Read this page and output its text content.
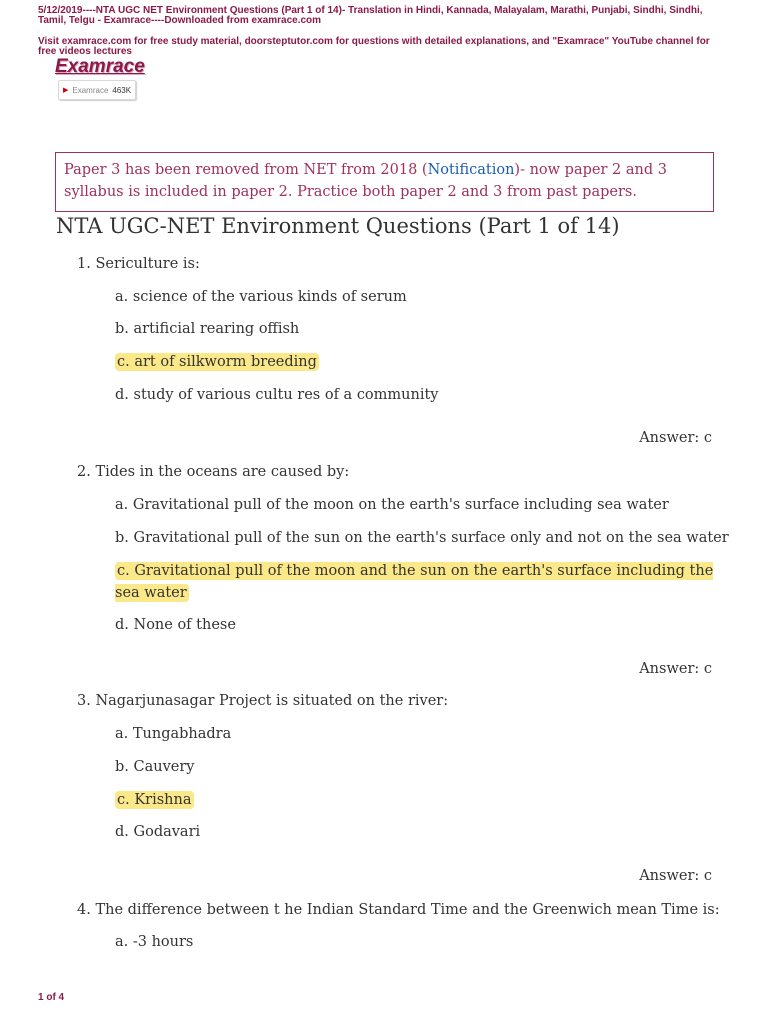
5/12/2019----NTA UGC NET Environment Questions (Part 1 of 14)- Translation in Hindi, Kannada, Malayalam, Marathi, Punjabi, Sindhi, Sindhi, Tamil, Telgu - Examrace----Downloaded from examrace.com
Visit examrace.com for free study material, doorsteptutor.com for questions with detailed explanations, and "Examrace" YouTube channel for free videos lectures
Examrace
▶ Examrace 463K
Paper 3 has been removed from NET from 2018 (Notification)- now paper 2 and 3 syllabus is included in paper 2. Practice both paper 2 and 3 from past papers.
NTA UGC-NET Environment Questions (Part 1 of 14)
1. Sericulture is:
a. science of the various kinds of serum
b. artificial rearing offish
c. art of silkworm breeding
d. study of various cultu res of a community
Answer: c
2. Tides in the oceans are caused by:
a. Gravitational pull of the moon on the earth's surface including sea water
b. Gravitational pull of the sun on the earth's surface only and not on the sea water
c. Gravitational pull of the moon and the sun on the earth's surface including the sea water
d. None of these
Answer: c
3. Nagarjunasagar Project is situated on the river:
a. Tungabhadra
b. Cauvery
c. Krishna
d. Godavari
Answer: c
4. The difference between t he Indian Standard Time and the Greenwich mean Time is:
a. -3 hours
1 of 4
